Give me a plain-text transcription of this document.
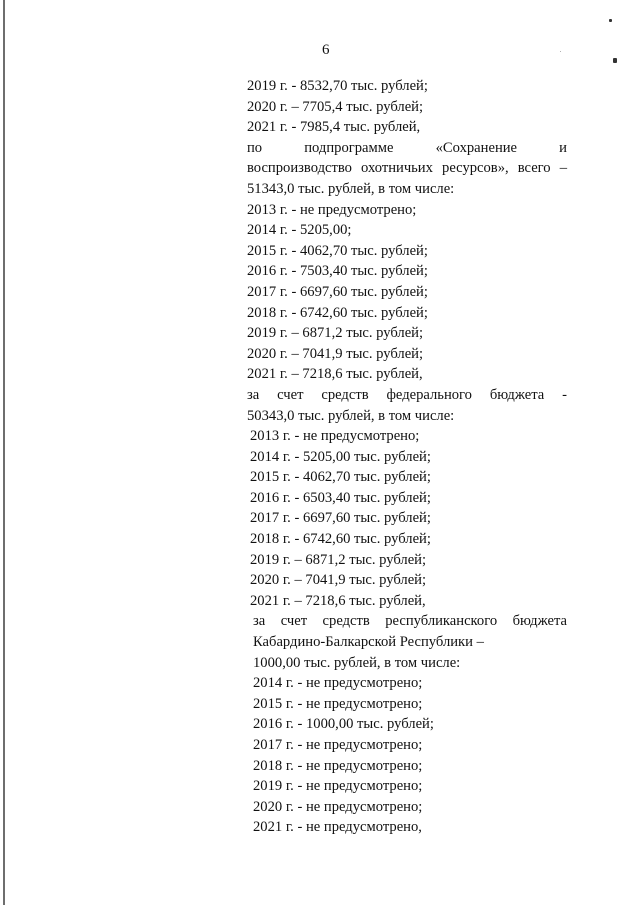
6
2019 г. - 8532,70 тыс. рублей;
2020 г. – 7705,4 тыс. рублей;
2021 г. - 7985,4 тыс. рублей,
по подпрограмме «Сохранение и
воспроизводство охотничьих ресурсов», всего –
51343,0 тыс. рублей, в том числе:
2013 г. - не предусмотрено;
2014 г. - 5205,00;
2015 г. - 4062,70 тыс. рублей;
2016 г. - 7503,40 тыс. рублей;
2017 г. - 6697,60 тыс. рублей;
2018 г. - 6742,60 тыс. рублей;
2019 г. – 6871,2 тыс. рублей;
2020 г. – 7041,9 тыс. рублей;
2021 г. – 7218,6 тыс. рублей,
за счет средств федерального бюджета -
50343,0 тыс. рублей, в том числе:
2013 г. - не предусмотрено;
2014 г. - 5205,00 тыс. рублей;
2015 г. - 4062,70 тыс. рублей;
2016 г. - 6503,40 тыс. рублей;
2017 г. - 6697,60 тыс. рублей;
2018 г. - 6742,60 тыс. рублей;
2019 г. – 6871,2 тыс. рублей;
2020 г. – 7041,9 тыс. рублей;
2021 г. – 7218,6 тыс. рублей,
за счет средств республиканского бюджета
Кабардино-Балкарской Республики –
1000,00 тыс. рублей, в том числе:
2014 г. - не предусмотрено;
2015 г. - не предусмотрено;
2016 г. - 1000,00 тыс. рублей;
2017 г. - не предусмотрено;
2018 г. - не предусмотрено;
2019 г. - не предусмотрено;
2020 г. - не предусмотрено;
2021 г. - не предусмотрено,
